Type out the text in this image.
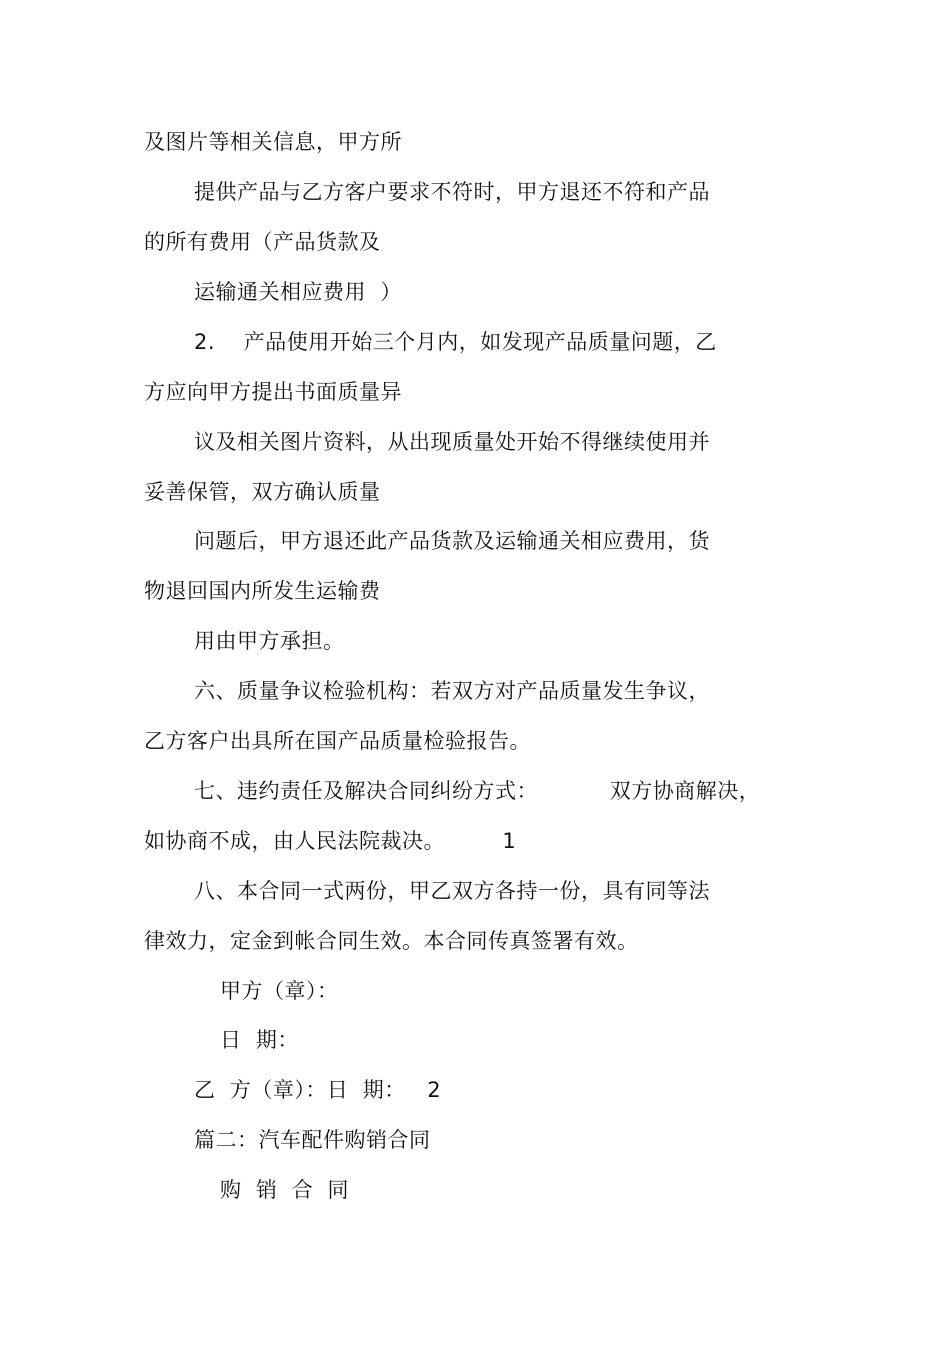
及图片等相关信息，甲方所
提供产品与乙方客户要求不符时，甲方退还不符和产品
的所有费用（产品货款及
运输通关相应费用  ）
2.    产品使用开始三个月内，如发现产品质量问题，乙
方应向甲方提出书面质量异
议及相关图片资料，从出现质量处开始不得继续使用并
妥善保管，双方确认质量
问题后，甲方退还此产品货款及运输通关相应费用，货
物退回国内所发生运输费
用由甲方承担。
六、质量争议检验机构：若双方对产品质量发生争议，
乙方客户出具所在国产品质量检验报告。
七、违约责任及解决合同纠纷方式：          双方协商解决，
如协商不成，由人民法院裁决。        1
八、本合同一式两份，甲乙双方各持一份，具有同等法
律效力，定金到帐合同生效。本合同传真签署有效。
甲方（章）：
日  期：
乙  方（章）：日  期：   2
篇二：汽车配件购销合同
购  销  合  同
